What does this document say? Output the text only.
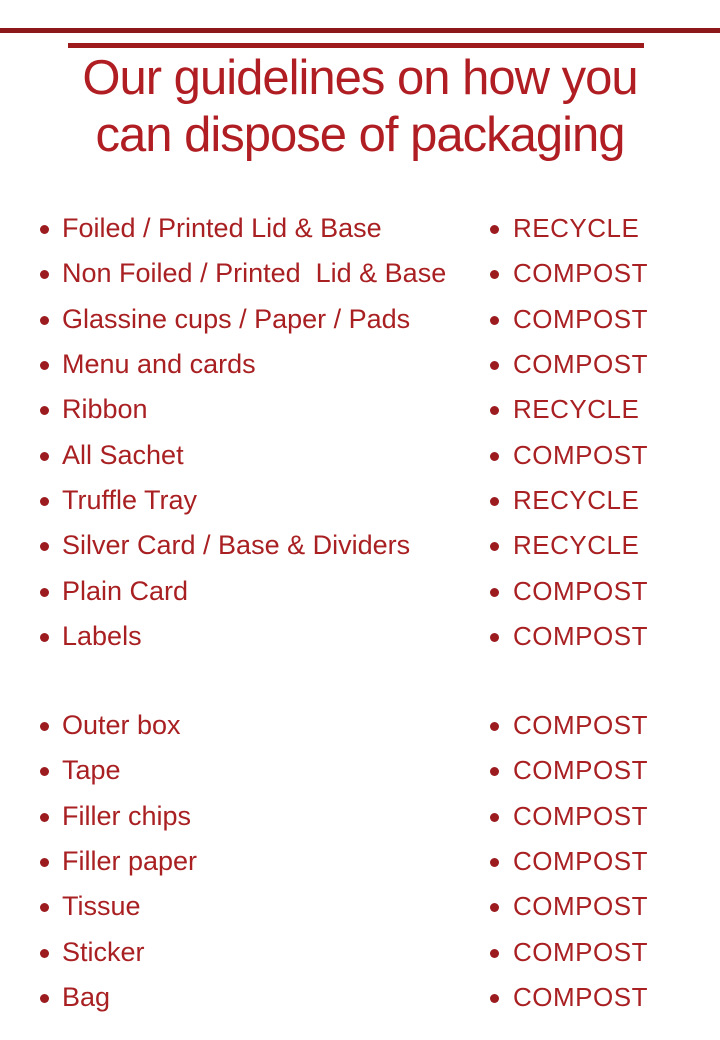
Our guidelines on how you
can dispose of packaging
Foiled / Printed Lid & Base	RECYCLE
Non Foiled / Printed  Lid & Base	COMPOST
Glassine cups / Paper / Pads	COMPOST
Menu and cards	COMPOST
Ribbon	RECYCLE
All Sachet	COMPOST
Truffle Tray	RECYCLE
Silver Card / Base & Dividers	RECYCLE
Plain Card	COMPOST
Labels	COMPOST
Outer box	COMPOST
Tape	COMPOST
Filler chips	COMPOST
Filler paper	COMPOST
Tissue	COMPOST
Sticker	COMPOST
Bag	COMPOST
